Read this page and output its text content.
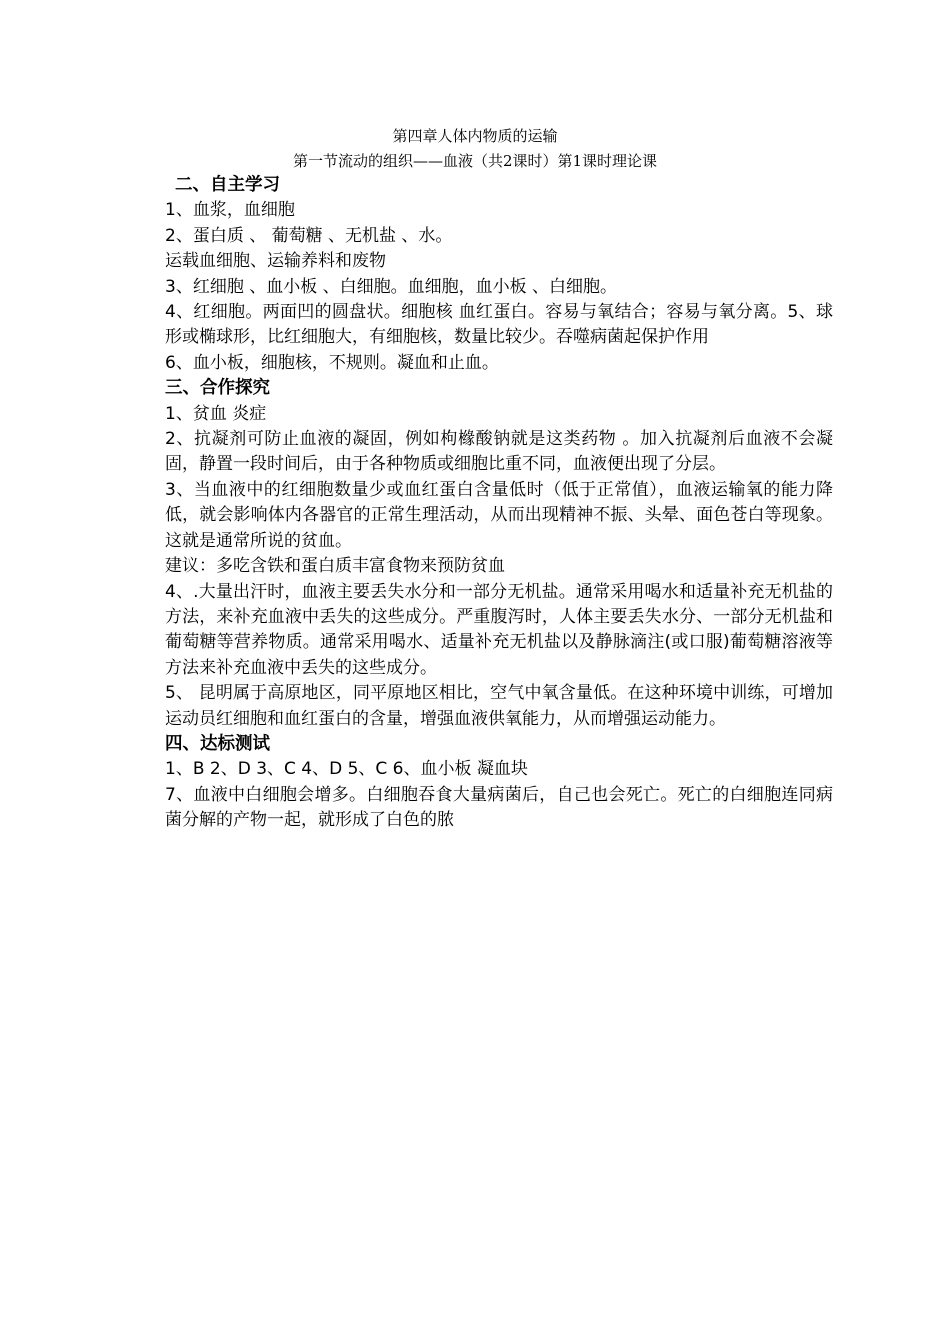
第四章人体内物质的运输
第一节流动的组织——血液（共2课时）第1课时理论课

二、自主学习

1、血浆，血细胞

2、蛋白质 、 葡萄糖 、无机盐 、水。

运载血细胞、运输养料和废物

3、红细胞 、血小板 、白细胞。血细胞，血小板 、白细胞。

4、红细胞。两面凹的圆盘状。细胞核 血红蛋白。容易与氧结合；容易与氧分离。5、球形或椭球形，比红细胞大，有细胞核，数量比较少。吞噬病菌起保护作用

6、血小板，细胞核，不规则。凝血和止血。

三、合作探究

1、贫血 炎症

2、抗凝剂可防止血液的凝固，例如枸橼酸钠就是这类药物 。加入抗凝剂后血液不会凝固，静置一段时间后，由于各种物质或细胞比重不同，血液便出现了分层。

3、当血液中的红细胞数量少或血红蛋白含量低时（低于正常值），血液运输氧的能力降低，就会影响体内各器官的正常生理活动，从而出现精神不振、头晕、面色苍白等现象。这就是通常所说的贫血。

建议：多吃含铁和蛋白质丰富食物来预防贫血

4、.大量出汗时，血液主要丢失水分和一部分无机盐。通常采用喝水和适量补充无机盐的方法，来补充血液中丢失的这些成分。严重腹泻时，人体主要丢失水分、一部分无机盐和葡萄糖等营养物质。通常采用喝水、适量补充无机盐以及静脉滴注(或口服)葡萄糖溶液等方法来补充血液中丢失的这些成分。

5、 昆明属于高原地区，同平原地区相比，空气中氧含量低。在这种环境中训练，可增加运动员红细胞和血红蛋白的含量，增强血液供氧能力，从而增强运动能力。

四、达标测试

1、B 2、D 3、C 4、D 5、C 6、血小板 凝血块

7、血液中白细胞会增多。白细胞吞食大量病菌后，自己也会死亡。死亡的白细胞连同病菌分解的产物一起，就形成了白色的脓
